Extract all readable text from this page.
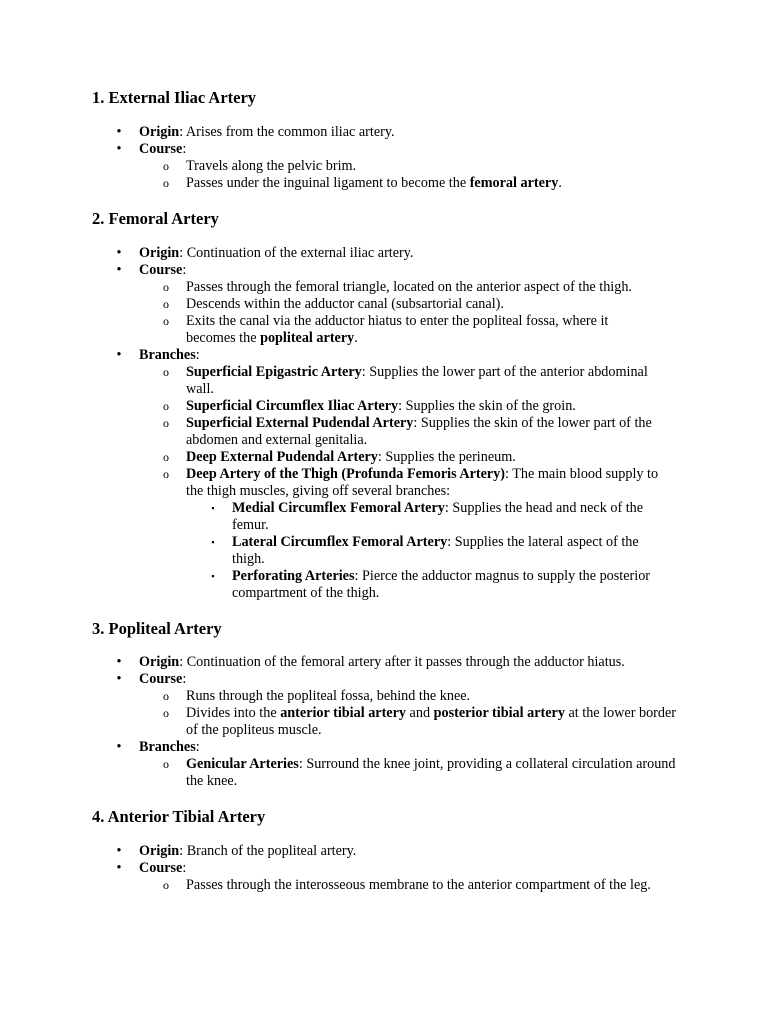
1. External Iliac Artery
• Origin: Arises from the common iliac artery.
• Course:
o Travels along the pelvic brim.
o Passes under the inguinal ligament to become the femoral artery.
2. Femoral Artery
• Origin: Continuation of the external iliac artery.
• Course:
o Passes through the femoral triangle, located on the anterior aspect of the thigh.
o Descends within the adductor canal (subsartorial canal).
o Exits the canal via the adductor hiatus to enter the popliteal fossa, where it
becomes the popliteal artery.
• Branches:
o Superficial Epigastric Artery: Supplies the lower part of the anterior abdominal wall.
o Superficial Circumflex Iliac Artery: Supplies the skin of the groin.
o Superficial External Pudendal Artery: Supplies the skin of the lower part of the abdomen and external genitalia.
o Deep External Pudendal Artery: Supplies the perineum.
o Deep Artery of the Thigh (Profunda Femoris Artery): The main blood supply to the thigh muscles, giving off several branches:
▪ Medial Circumflex Femoral Artery: Supplies the head and neck of the femur.
▪ Lateral Circumflex Femoral Artery: Supplies the lateral aspect of the thigh.
▪ Perforating Arteries: Pierce the adductor magnus to supply the posterior compartment of the thigh.
3. Popliteal Artery
• Origin: Continuation of the femoral artery after it passes through the adductor hiatus.
• Course:
o Runs through the popliteal fossa, behind the knee.
o Divides into the anterior tibial artery and posterior tibial artery at the lower border of the popliteus muscle.
• Branches:
o Genicular Arteries: Surround the knee joint, providing a collateral circulation around the knee.
4. Anterior Tibial Artery
• Origin: Branch of the popliteal artery.
• Course:
o Passes through the interosseous membrane to the anterior compartment of the leg.
